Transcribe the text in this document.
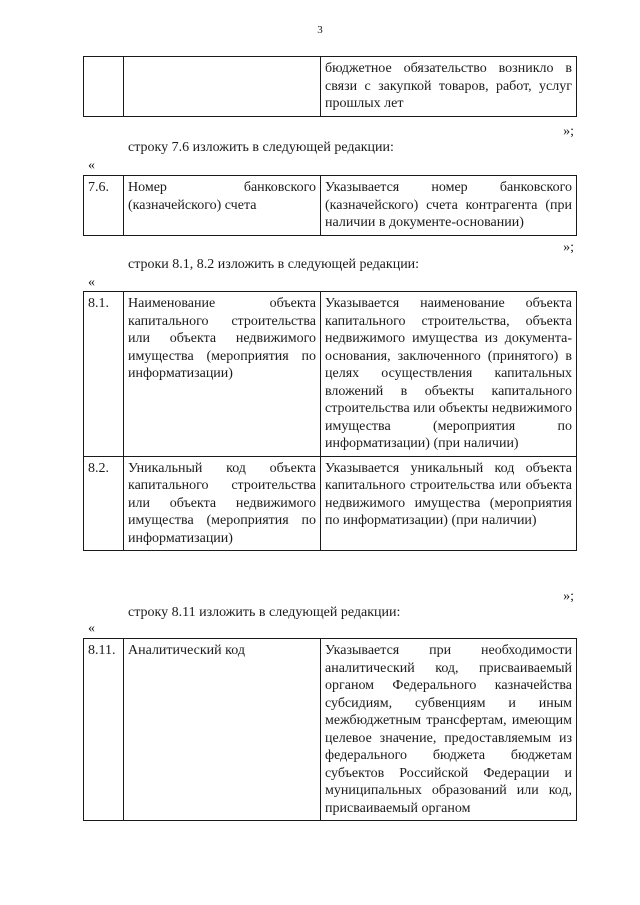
3
		бюджетное обязательство возникло в связи с закупкой товаров, работ, услуг прошлых лет
»;
строку 7.6 изложить в следующей редакции:
«
7.6.	Номер банковского (казначейского) счета	Указывается номер банковского (казначейского) счета контрагента (при наличии в документе-основании)
»;
строки 8.1, 8.2 изложить в следующей редакции:
«
8.1.	Наименование объекта капитального строительства или объекта недвижимого имущества (мероприятия по информатизации)	Указывается наименование объекта капитального строительства, объекта недвижимого имущества из документа-основания, заключенного (принятого) в целях осуществления капитальных вложений в объекты капитального строительства или объекты недвижимого имущества (мероприятия по информатизации) (при наличии)
8.2.	Уникальный код объекта капитального строительства или объекта недвижимого имущества (мероприятия по информатизации)	Указывается уникальный код объекта капитального строительства или объекта недвижимого имущества (мероприятия по информатизации) (при наличии)
»;
строку 8.11 изложить в следующей редакции:
«
8.11.	Аналитический код	Указывается при необходимости аналитический код, присваиваемый органом Федерального казначейства субсидиям, субвенциям и иным межбюджетным трансфертам, имеющим целевое значение, предоставляемым из федерального бюджета бюджетам субъектов Российской Федерации и муниципальных образований или код, присваиваемый органом
